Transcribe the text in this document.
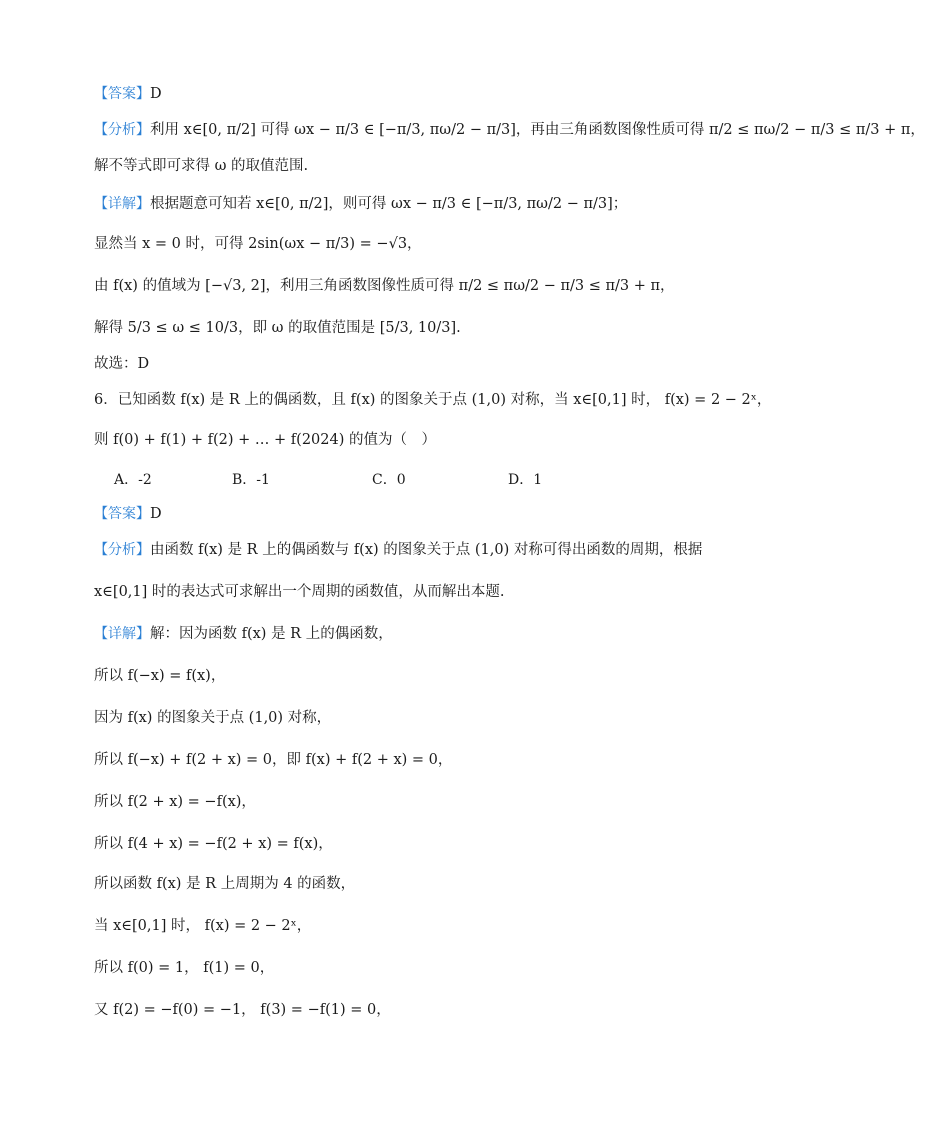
【答案】D
【分析】利用 x∈[0, π/2] 可得 ωx − π/3 ∈ [−π/3, πω/2 − π/3]，再由三角函数图像性质可得 π/2 ≤ πω/2 − π/3 ≤ π/3 + π，
解不等式即可求得 ω 的取值范围.
【详解】根据题意可知若 x∈[0, π/2]，则可得 ωx − π/3 ∈ [−π/3, πω/2 − π/3]；
显然当 x = 0 时，可得 2sin(ωx − π/3) = −√3，
由 f(x) 的值域为 [−√3, 2]，利用三角函数图像性质可得 π/2 ≤ πω/2 − π/3 ≤ π/3 + π，
解得 5/3 ≤ ω ≤ 10/3，即 ω 的取值范围是 [5/3, 10/3].
故选：D
6．已知函数 f(x) 是 R 上的偶函数，且 f(x) 的图象关于点 (1,0) 对称，当 x∈[0,1] 时， f(x) = 2 − 2ˣ，
则 f(0) + f(1) + f(2) + … + f(2024) 的值为（　）
A．-2	B．-1	C．0	D．1
【答案】D
【分析】由函数 f(x) 是 R 上的偶函数与 f(x) 的图象关于点 (1,0) 对称可得出函数的周期，根据
x∈[0,1] 时的表达式可求解出一个周期的函数值，从而解出本题.
【详解】解：因为函数 f(x) 是 R 上的偶函数，
所以 f(−x) = f(x)，
因为 f(x) 的图象关于点 (1,0) 对称，
所以 f(−x) + f(2 + x) = 0，即 f(x) + f(2 + x) = 0，
所以 f(2 + x) = −f(x)，
所以 f(4 + x) = −f(2 + x) = f(x)，
所以函数 f(x) 是 R 上周期为 4 的函数，
当 x∈[0,1] 时， f(x) = 2 − 2ˣ，
所以 f(0) = 1， f(1) = 0，
又 f(2) = −f(0) = −1， f(3) = −f(1) = 0，
